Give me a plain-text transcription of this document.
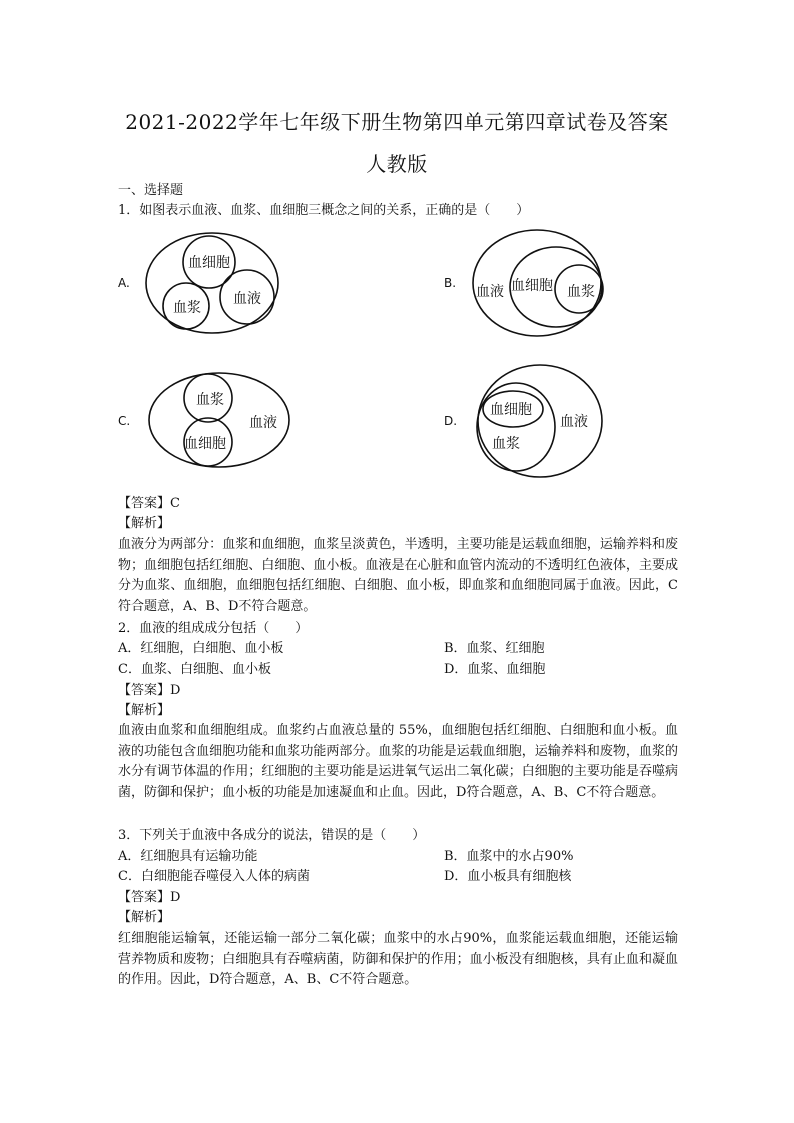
2021-2022学年七年级下册生物第四单元第四章试卷及答案
人教版
一、选择题
1．如图表示血液、血浆、血细胞三概念之间的关系，正确的是（　　）
A.
血细胞
血浆
血液
B.
血液 血细胞 血浆
C.
血浆
血液
血细胞
D.
血细胞
血浆
血液
【答案】C
【解析】
血液分为两部分：血浆和血细胞，血浆呈淡黄色，半透明，主要功能是运载血细胞，运输养料和废物；血细胞包括红细胞、白细胞、血小板。血液是在心脏和血管内流动的不透明红色液体，主要成分为血浆、血细胞，血细胞包括红细胞、白细胞、血小板，即血浆和血细胞同属于血液。因此，C符合题意，A、B、D不符合题意。
2．血液的组成成分包括（　　）
A．红细胞，白细胞、血小板	B．血浆、红细胞
C．血浆、白细胞、血小板	D．血浆、血细胞
【答案】D
【解析】
血液由血浆和血细胞组成。血浆约占血液总量的 55%，血细胞包括红细胞、白细胞和血小板。血液的功能包含血细胞功能和血浆功能两部分。血浆的功能是运载血细胞，运输养料和废物，血浆的水分有调节体温的作用；红细胞的主要功能是运进氧气运出二氧化碳；白细胞的主要功能是吞噬病菌，防御和保护；血小板的功能是加速凝血和止血。因此，D符合题意，A、B、C不符合题意。
3．下列关于血液中各成分的说法，错误的是（　　）
A．红细胞具有运输功能	B．血浆中的水占90%
C．白细胞能吞噬侵入人体的病菌	D．血小板具有细胞核
【答案】D
【解析】
红细胞能运输氧，还能运输一部分二氧化碳；血浆中的水占90%，血浆能运载血细胞，还能运输营养物质和废物；白细胞具有吞噬病菌，防御和保护的作用；血小板没有细胞核，具有止血和凝血的作用。因此，D符合题意，A、B、C不符合题意。
